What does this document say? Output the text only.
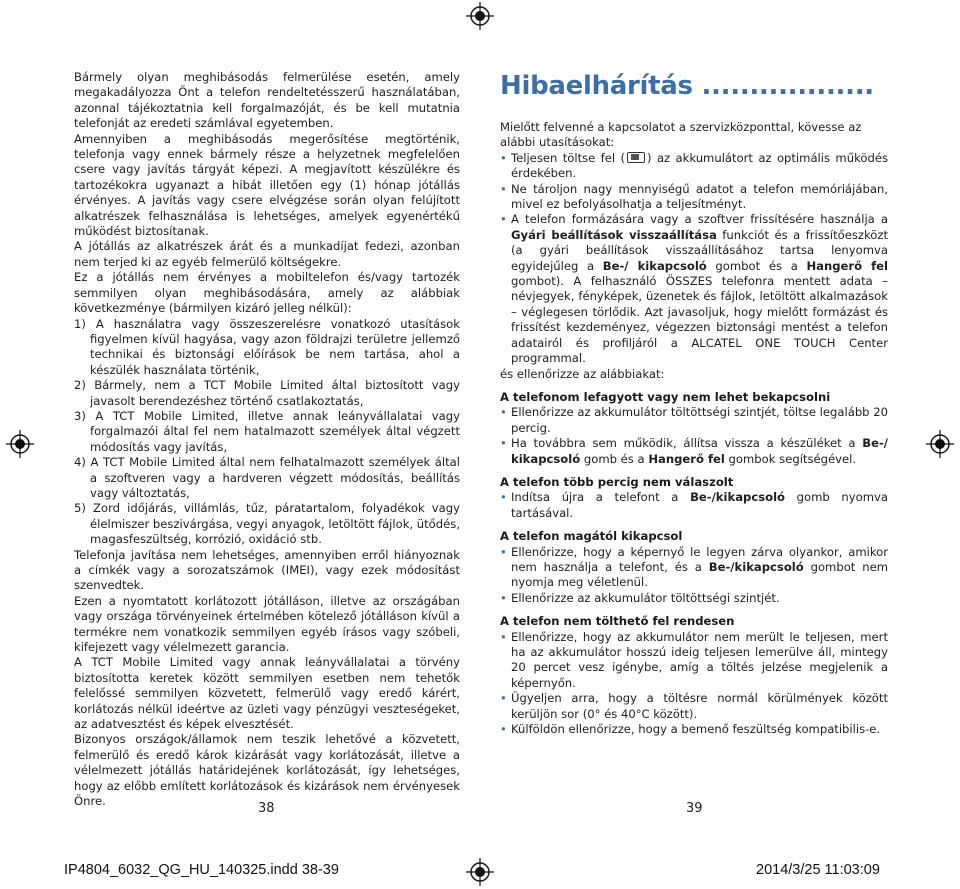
Bármely olyan meghibásodás felmerülése esetén, amely megakadályozza Önt a telefon rendeltetésszerű használatában, azonnal tájékoztatnia kell forgalmazóját, és be kell mutatnia telefonját az eredeti számlával egyetemben.

Amennyiben a meghibásodás megerősítése megtörténik, telefonja vagy ennek bármely része a helyzetnek megfelelően csere vagy javítás tárgyát képezi. A megjavított készülékre és tartozékokra ugyanazt a hibát illetően egy (1) hónap jótállás érvényes. A javítás vagy csere elvégzése során olyan felújított alkatrészek felhasználása is lehetséges, amelyek egyenértékű működést biztosítanak.

A jótállás az alkatrészek árát és a munkadíjat fedezi, azonban nem terjed ki az egyéb felmerülő költségekre.

Ez a jótállás nem érvényes a mobiltelefon és/vagy tartozék semmilyen olyan meghibásodására, amely az alábbiak következménye (bármilyen kizáró jelleg nélkül):

1) A használatra vagy összeszerelésre vonatkozó utasítások figyelmen kívül hagyása, vagy azon földrajzi területre jellemző technikai és biztonsági előírások be nem tartása, ahol a készülék használata történik,
2) Bármely, nem a TCT Mobile Limited által biztosított vagy javasolt berendezéshez történő csatlakoztatás,
3) A TCT Mobile Limited, illetve annak leányvállalatai vagy forgalmazói által fel nem hatalmazott személyek által végzett módosítás vagy javítás,
4) A TCT Mobile Limited által nem felhatalmazott személyek által a szoftveren vagy a hardveren végzett módosítás, beállítás vagy változtatás,
5) Zord időjárás, villámlás, tűz, páratartalom, folyadékok vagy élelmiszer beszivárgása, vegyi anyagok, letöltött fájlok, ütődés, magasfeszültség, korrózió, oxidáció stb.

Telefonja javítása nem lehetséges, amennyiben erről hiányoznak a címkék vagy a sorozatszámok (IMEI), vagy ezek módosítást szenvedtek.

Ezen a nyomtatott korlátozott jótálláson, illetve az országában vagy országa törvényeinek értelmében kötelező jótálláson kívül a termékre nem vonatkozik semmilyen egyéb írásos vagy szóbeli, kifejezett vagy vélelmezett garancia.

A TCT Mobile Limited vagy annak leányvállalatai a törvény biztosította keretek között semmilyen esetben nem tehetők felelőssé semmilyen közvetett, felmerülő vagy eredő kárért, korlátozás nélkül ideértve az üzleti vagy pénzügyi veszteségeket, az adatvesztést és képek elvesztését.

Bizonyos országok/államok nem teszik lehetővé a közvetett, felmerülő és eredő károk kizárását vagy korlátozását, illetve a vélelmezett jótállás határidejének korlátozását, így lehetséges, hogy az előbb említett korlátozások és kizárások nem érvényesek Önre.

Hibaelhárítás ..................

Mielőtt felvenné a kapcsolatot a szervizközponttal, kövesse az alábbi utasításokat:

• Teljesen töltse fel ( ) az akkumulátort az optimális működés érdekében.
• Ne tároljon nagy mennyiségű adatot a telefon memóriájában, mivel ez befolyásolhatja a teljesítményt.
• A telefon formázására vagy a szoftver frissítésére használja a Gyári beállítások visszaállítása funkciót és a frissítőeszközt (a gyári beállítások visszaállításához tartsa lenyomva egyidejűleg a Be-/ kikapcsoló gombot és a Hangerő fel gombot). A felhasználó ÖSSZES telefonra mentett adata – névjegyek, fényképek, üzenetek és fájlok, letöltött alkalmazások – véglegesen törlődik. Azt javasoljuk, hogy mielőtt formázást és frissítést kezdeményez, végezzen biztonsági mentést a telefon adatairól és profiljáról a ALCATEL ONE TOUCH Center programmal.

és ellenőrizze az alábbiakat:

A telefonom lefagyott vagy nem lehet bekapcsolni
• Ellenőrizze az akkumulátor töltöttségi szintjét, töltse legalább 20 percig.
• Ha továbbra sem működik, állítsa vissza a készüléket a Be-/ kikapcsoló gomb és a Hangerő fel gombok segítségével.
A telefon több percig nem válaszolt
• Indítsa újra a telefont a Be-/kikapcsoló gomb nyomva tartásával.
A telefon magától kikapcsol
• Ellenőrizze, hogy a képernyő le legyen zárva olyankor, amikor nem használja a telefont, és a Be-/kikapcsoló gombot nem nyomja meg véletlenül.
• Ellenőrizze az akkumulátor töltöttségi szintjét.
A telefon nem tölthető fel rendesen
• Ellenőrizze, hogy az akkumulátor nem merült le teljesen, mert ha az akkumulátor hosszú ideig teljesen lemerülve áll, mintegy 20 percet vesz igénybe, amíg a töltés jelzése megjelenik a képernyőn.
• Ügyeljen arra, hogy a töltésre normál körülmények között kerüljön sor (0° és 40°C között).
• Külföldön ellenőrizze, hogy a bemenő feszültség kompatibilis-e.
38	39
IP4804_6032_QG_HU_140325.indd 38-39	2014/3/25 11:03:09
